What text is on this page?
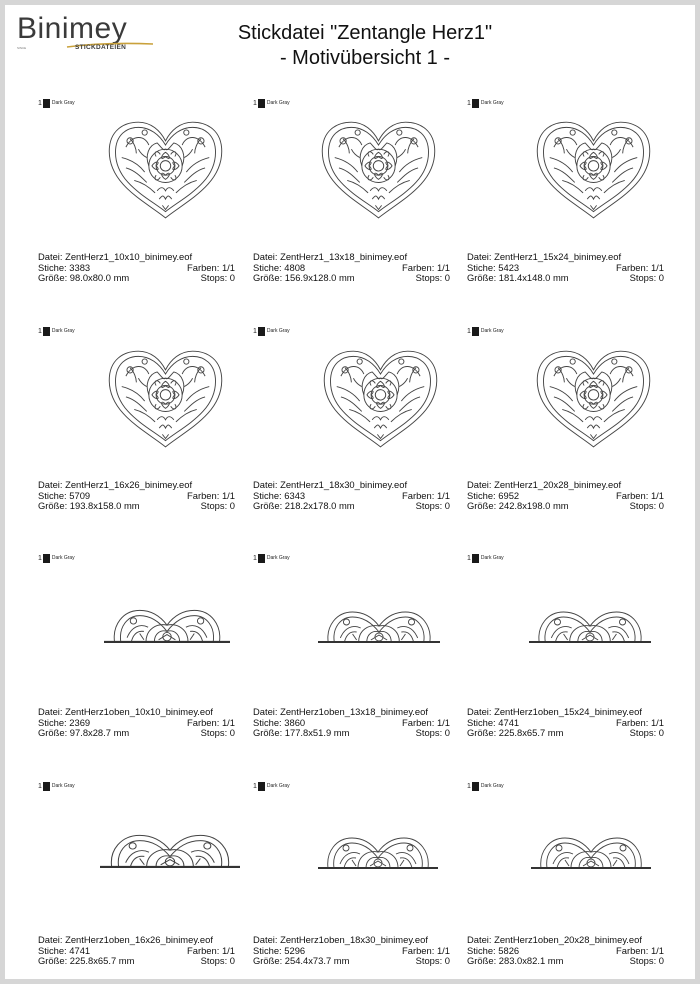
Binimey
SINCE	STICKDATEIEN
Stickdatei "Zentangle Herz1"
- Motivübersicht 1 -
1 Dark Gray
Datei: ZentHerz1_10x10_binimey.eof
Stiche: 3383	Farben: 1/1
Größe: 98.0x80.0 mm	Stops: 0
1 Dark Gray
Datei: ZentHerz1_13x18_binimey.eof
Stiche: 4808	Farben: 1/1
Größe: 156.9x128.0 mm	Stops: 0
1 Dark Gray
Datei: ZentHerz1_15x24_binimey.eof
Stiche: 5423	Farben: 1/1
Größe: 181.4x148.0 mm	Stops: 0
1 Dark Gray
Datei: ZentHerz1_16x26_binimey.eof
Stiche: 5709	Farben: 1/1
Größe: 193.8x158.0 mm	Stops: 0
1 Dark Gray
Datei: ZentHerz1_18x30_binimey.eof
Stiche: 6343	Farben: 1/1
Größe: 218.2x178.0 mm	Stops: 0
1 Dark Gray
Datei: ZentHerz1_20x28_binimey.eof
Stiche: 6952	Farben: 1/1
Größe: 242.8x198.0 mm	Stops: 0
1 Dark Gray
Datei: ZentHerz1oben_10x10_binimey.eof
Stiche: 2369	Farben: 1/1
Größe: 97.8x28.7 mm	Stops: 0
1 Dark Gray
Datei: ZentHerz1oben_13x18_binimey.eof
Stiche: 3860	Farben: 1/1
Größe: 177.8x51.9 mm	Stops: 0
1 Dark Gray
Datei: ZentHerz1oben_15x24_binimey.eof
Stiche: 4741	Farben: 1/1
Größe: 225.8x65.7 mm	Stops: 0
1 Dark Gray
Datei: ZentHerz1oben_16x26_binimey.eof
Stiche: 4741	Farben: 1/1
Größe: 225.8x65.7 mm	Stops: 0
1 Dark Gray
Datei: ZentHerz1oben_18x30_binimey.eof
Stiche: 5296	Farben: 1/1
Größe: 254.4x73.7 mm	Stops: 0
1 Dark Gray
Datei: ZentHerz1oben_20x28_binimey.eof
Stiche: 5826	Farben: 1/1
Größe: 283.0x82.1 mm	Stops: 0
